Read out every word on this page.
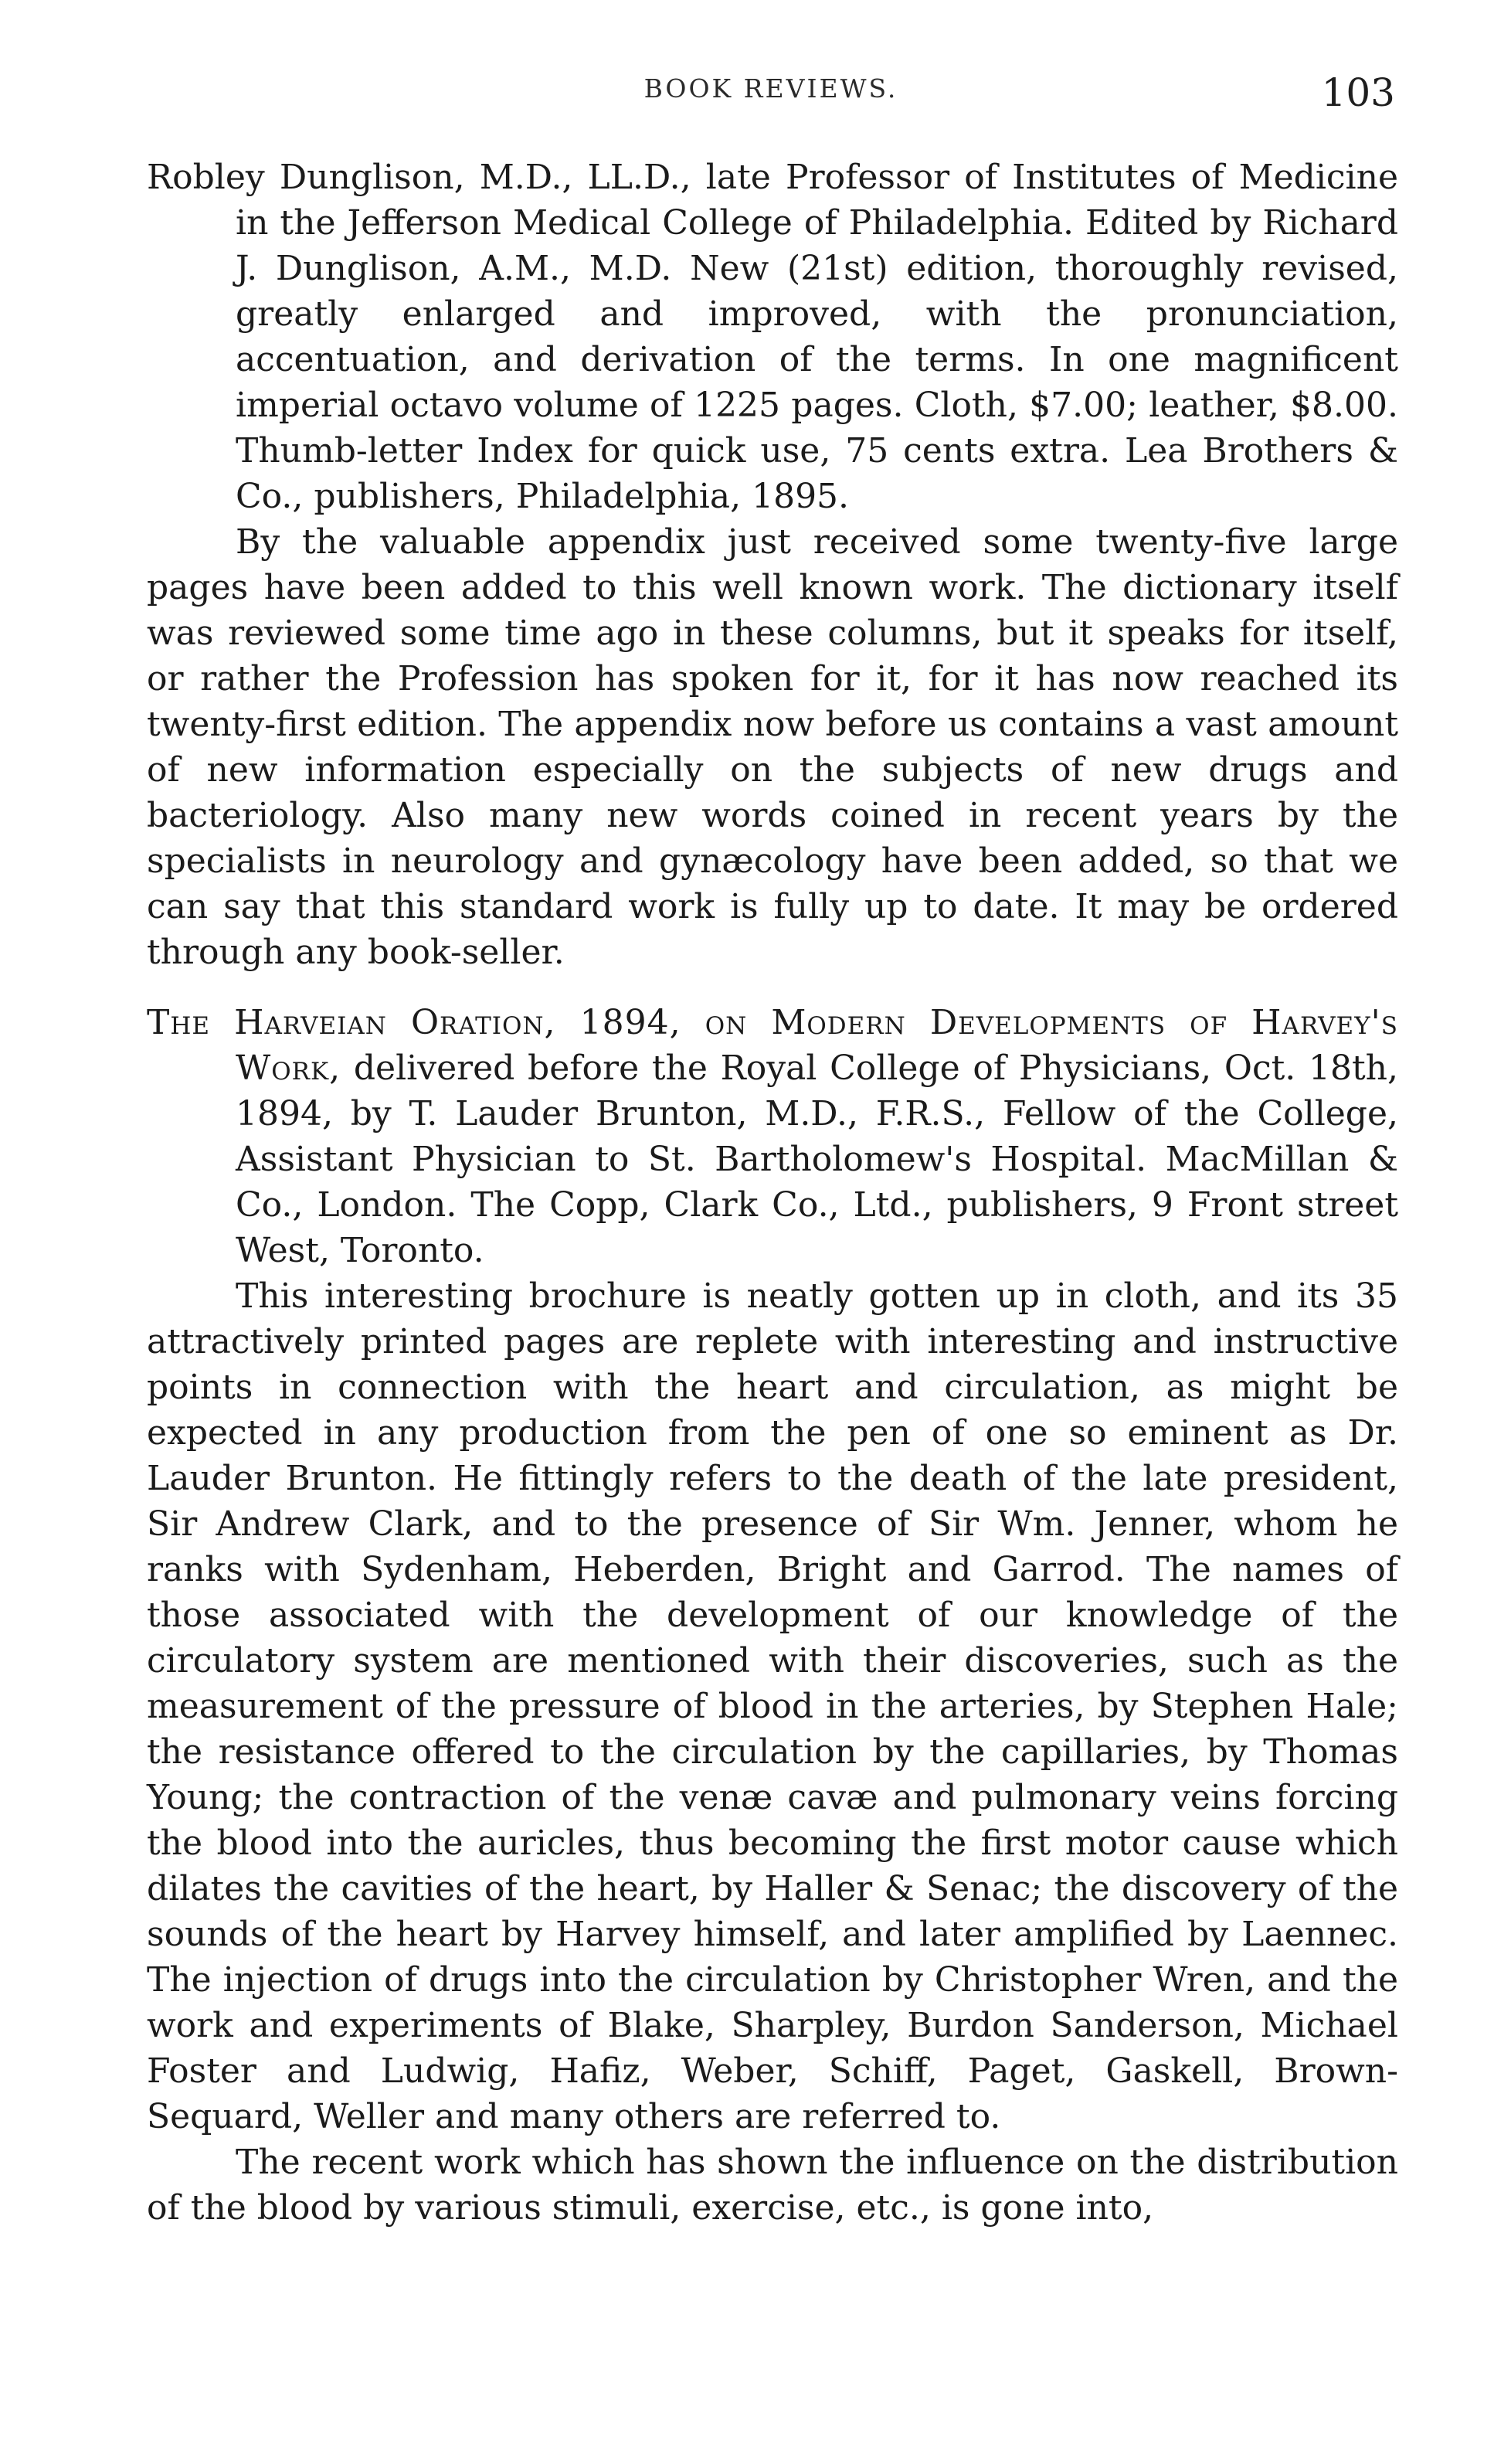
BOOK REVIEWS.	103

Robley Dunglison, M.D., LL.D., late Professor of Institutes of Medicine in the Jefferson Medical College of Philadelphia. Edited by Richard J. Dunglison, A.M., M.D. New (21st) edition, thoroughly revised, greatly enlarged and improved, with the pronunciation, accentuation, and derivation of the terms. In one magnificent imperial octavo volume of 1225 pages. Cloth, $7.00; leather, $8.00. Thumb-letter Index for quick use, 75 cents extra. Lea Brothers & Co., publishers, Philadelphia, 1895.

By the valuable appendix just received some twenty-five large pages have been added to this well known work. The dictionary itself was reviewed some time ago in these columns, but it speaks for itself, or rather the Profession has spoken for it, for it has now reached its twenty-first edition. The appendix now before us contains a vast amount of new information especially on the subjects of new drugs and bacteriology. Also many new words coined in recent years by the specialists in neurology and gynæcology have been added, so that we can say that this standard work is fully up to date. It may be ordered through any book-seller.

The Harveian Oration, 1894, on Modern Developments of Harvey's Work, delivered before the Royal College of Physicians, Oct. 18th, 1894, by T. Lauder Brunton, M.D., F.R.S., Fellow of the College, Assistant Physician to St. Bartholomew's Hospital. MacMillan & Co., London. The Copp, Clark Co., Ltd., publishers, 9 Front street West, Toronto.

This interesting brochure is neatly gotten up in cloth, and its 35 attractively printed pages are replete with interesting and instructive points in connection with the heart and circulation, as might be expected in any production from the pen of one so eminent as Dr. Lauder Brunton. He fittingly refers to the death of the late president, Sir Andrew Clark, and to the presence of Sir Wm. Jenner, whom he ranks with Sydenham, Heberden, Bright and Garrod. The names of those associated with the development of our knowledge of the circulatory system are mentioned with their discoveries, such as the measurement of the pressure of blood in the arteries, by Stephen Hale; the resistance offered to the circulation by the capillaries, by Thomas Young; the contraction of the venæ cavæ and pulmonary veins forcing the blood into the auricles, thus becoming the first motor cause which dilates the cavities of the heart, by Haller & Senac; the discovery of the sounds of the heart by Harvey himself, and later amplified by Laennec. The injection of drugs into the circulation by Christopher Wren, and the work and experiments of Blake, Sharpley, Burdon Sanderson, Michael Foster and Ludwig, Hafiz, Weber, Schiff, Paget, Gaskell, Brown-Sequard, Weller and many others are referred to.

The recent work which has shown the influence on the distribution of the blood by various stimuli, exercise, etc., is gone into,
